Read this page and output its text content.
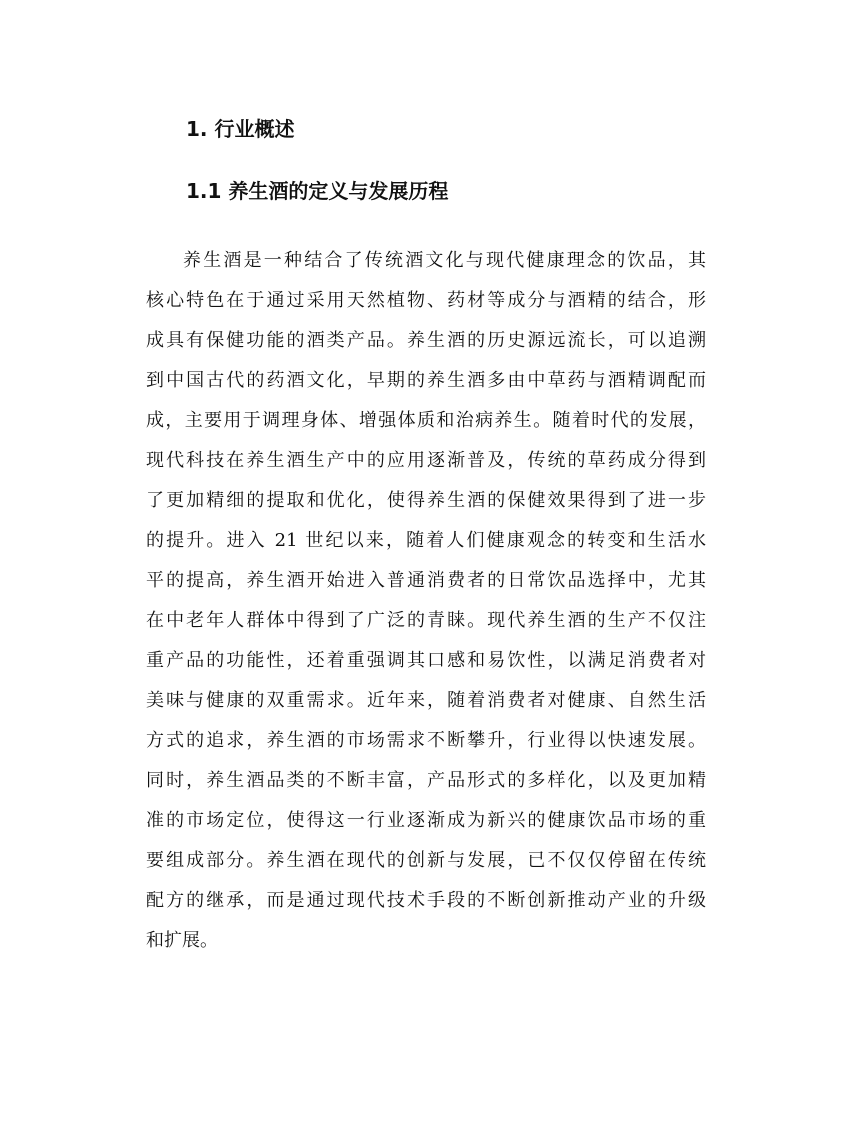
1. 行业概述
1.1 养生酒的定义与发展历程
养生酒是一种结合了传统酒文化与现代健康理念的饮品，其
核心特色在于通过采用天然植物、药材等成分与酒精的结合，形
成具有保健功能的酒类产品。养生酒的历史源远流长，可以追溯
到中国古代的药酒文化，早期的养生酒多由中草药与酒精调配而
成，主要用于调理身体、增强体质和治病养生。随着时代的发展，
现代科技在养生酒生产中的应用逐渐普及，传统的草药成分得到
了更加精细的提取和优化，使得养生酒的保健效果得到了进一步
的提升。进入 21 世纪以来，随着人们健康观念的转变和生活水
平的提高，养生酒开始进入普通消费者的日常饮品选择中，尤其
在中老年人群体中得到了广泛的青睐。现代养生酒的生产不仅注
重产品的功能性，还着重强调其口感和易饮性，以满足消费者对
美味与健康的双重需求。近年来，随着消费者对健康、自然生活
方式的追求，养生酒的市场需求不断攀升，行业得以快速发展。
同时，养生酒品类的不断丰富，产品形式的多样化，以及更加精
准的市场定位，使得这一行业逐渐成为新兴的健康饮品市场的重
要组成部分。养生酒在现代的创新与发展，已不仅仅停留在传统
配方的继承，而是通过现代技术手段的不断创新推动产业的升级
和扩展。
